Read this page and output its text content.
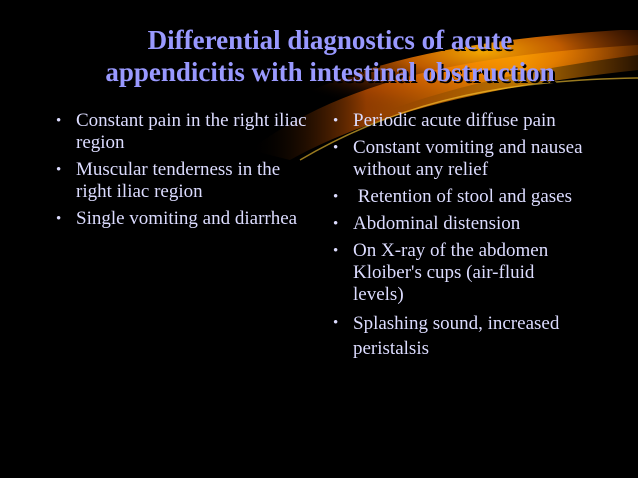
Differential diagnostics of acute
appendicitis with intestinal obstruction
• Constant pain in the right iliac region
• Muscular tenderness in the right iliac region
• Single vomiting and diarrhea
• Periodic acute diffuse pain
• Constant vomiting and nausea without any relief
• Retention of stool and gases
• Abdominal distension
• On X-ray of the abdomen Kloiber's cups (air-fluid levels)
• Splashing sound, increased peristalsis
